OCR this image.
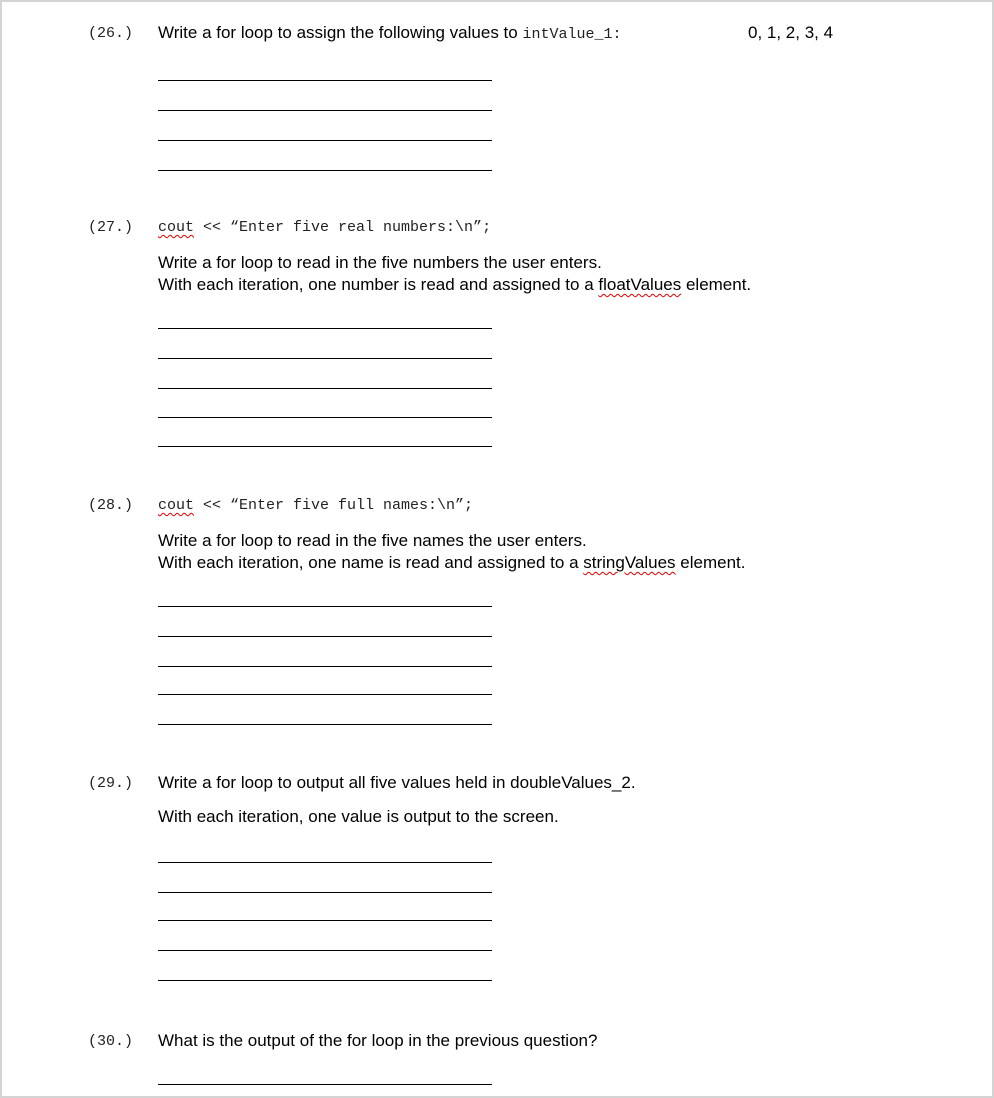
(26.) Write a for loop to assign the following values to intValue_1:	0, 1, 2, 3, 4
(27.) cout << “Enter five real numbers:\n”;
Write a for loop to read in the five numbers the user enters.
With each iteration, one number is read and assigned to a floatValues element.
(28.) cout << “Enter five full names:\n”;
Write a for loop to read in the five names the user enters.
With each iteration, one name is read and assigned to a stringValues element.
(29.) Write a for loop to output all five values held in doubleValues_2.
With each iteration, one value is output to the screen.
(30.) What is the output of the for loop in the previous question?
